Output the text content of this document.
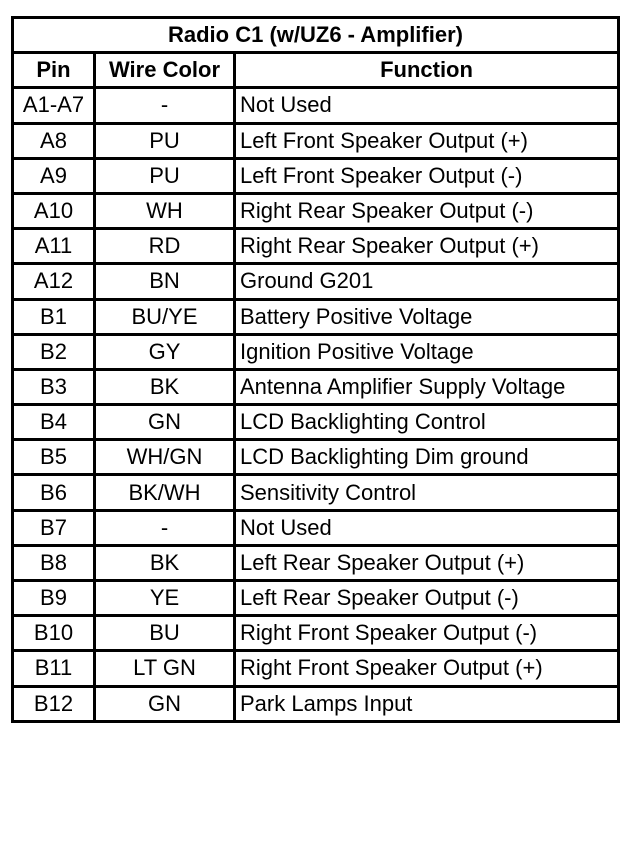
Radio C1 (w/UZ6 - Amplifier)		
Pin	Wire Color	Function
A1-A7	-	Not Used
A8	PU	Left Front Speaker Output (+)
A9	PU	Left Front Speaker Output (-)
A10	WH	Right Rear Speaker Output (-)
A11	RD	Right Rear Speaker Output (+)
A12	BN	Ground G201
B1	BU/YE	Battery Positive Voltage
B2	GY	Ignition Positive Voltage
B3	BK	Antenna Amplifier Supply Voltage
B4	GN	LCD Backlighting Control
B5	WH/GN	LCD Backlighting Dim ground
B6	BK/WH	Sensitivity Control
B7	-	Not Used
B8	BK	Left Rear Speaker Output (+)
B9	YE	Left Rear Speaker Output (-)
B10	BU	Right Front Speaker Output (-)
B11	LT GN	Right Front Speaker Output (+)
B12	GN	Park Lamps Input
